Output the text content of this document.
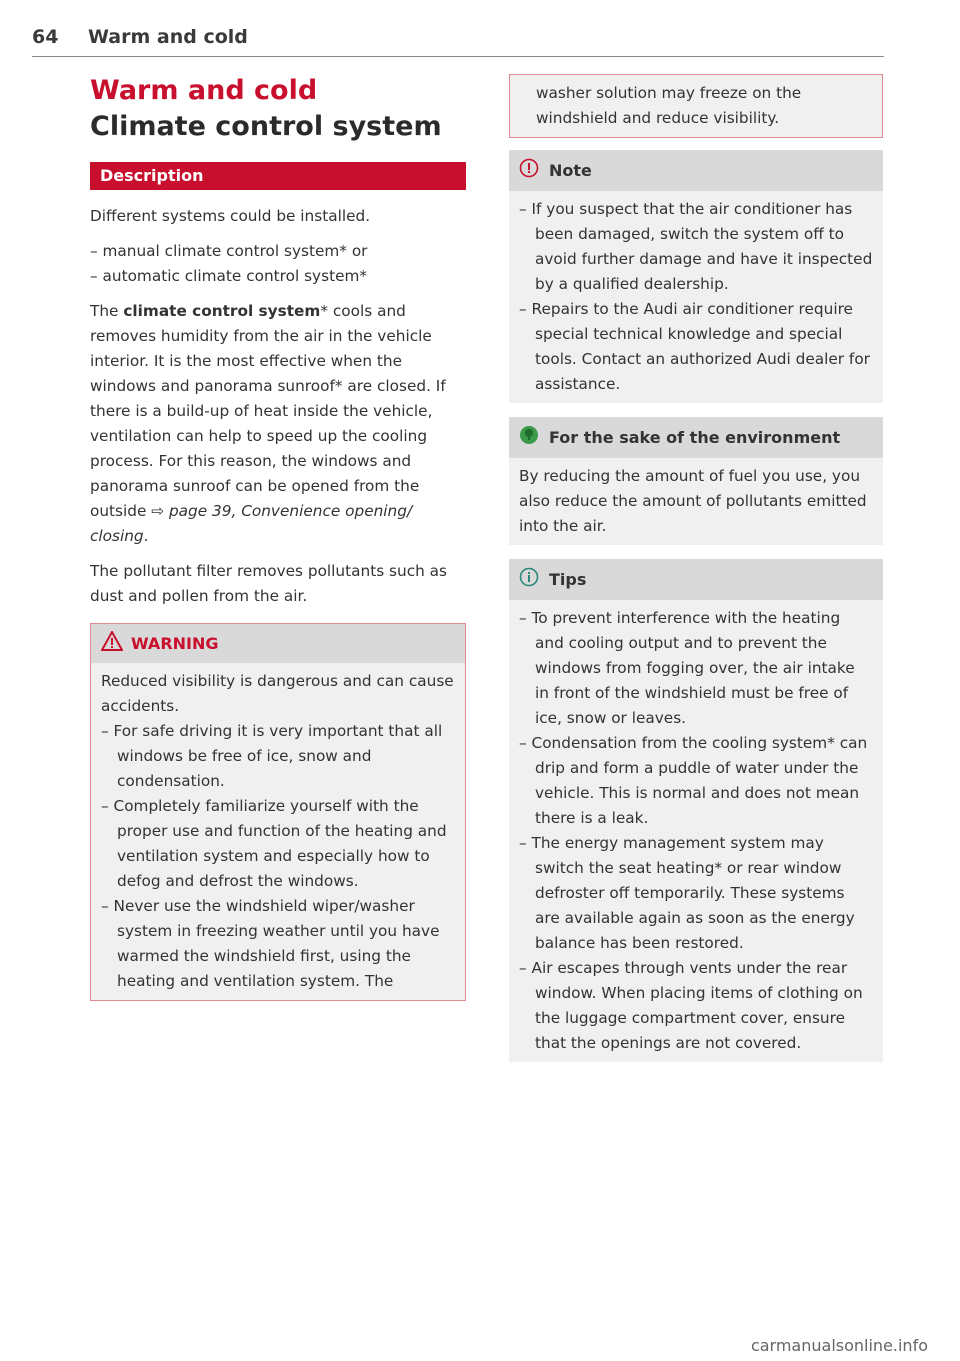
64 Warm and cold
Warm and cold
Climate control system
Description

Different systems could be installed.

– manual climate control system* or
– automatic climate control system*

The climate control system* cools and removes humidity from the air in the vehicle interior. It is the most effective when the windows and panorama sunroof* are closed. If there is a build-up of heat inside the vehicle, ventilation can help to speed up the cooling process. For this reason, the windows and panorama sunroof can be opened from the outside ⇨ page 39, Convenience opening/ closing.

The pollutant filter removes pollutants such as dust and pollen from the air.

WARNING

Reduced visibility is dangerous and can cause accidents.

– For safe driving it is very important that all windows be free of ice, snow and condensation.
– Completely familiarize yourself with the proper use and function of the heating and ventilation system and especially how to defog and defrost the windows.
– Never use the windshield wiper/washer system in freezing weather until you have warmed the windshield first, using the heating and ventilation system. The

washer solution may freeze on the windshield and reduce visibility.

Note
– If you suspect that the air conditioner has been damaged, switch the system off to avoid further damage and have it inspected by a qualified dealership.
– Repairs to the Audi air conditioner require special technical knowledge and special tools. Contact an authorized Audi dealer for assistance.
For the sake of the environment

By reducing the amount of fuel you use, you also reduce the amount of pollutants emitted into the air.

Tips
– To prevent interference with the heating and cooling output and to prevent the windows from fogging over, the air intake in front of the windshield must be free of ice, snow or leaves.
– Condensation from the cooling system* can drip and form a puddle of water under the vehicle. This is normal and does not mean there is a leak.
– The energy management system may switch the seat heating* or rear window defroster off temporarily. These systems are available again as soon as the energy balance has been restored.
– Air escapes through vents under the rear window. When placing items of clothing on the luggage compartment cover, ensure that the openings are not covered.
carmanualsonline.info
